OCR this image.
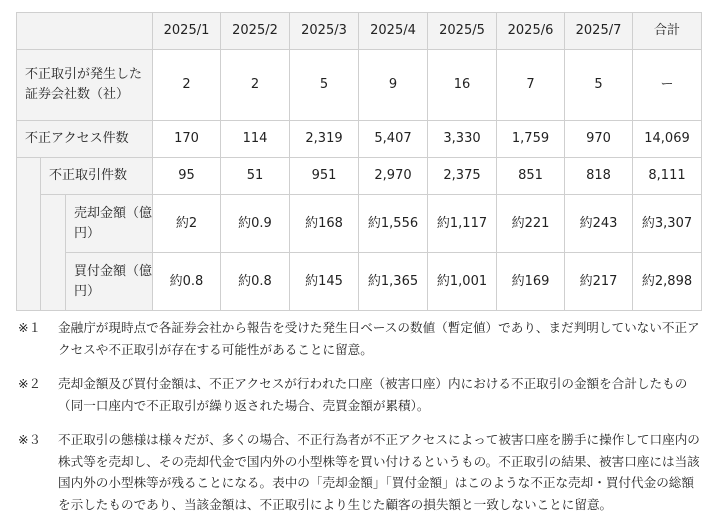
			2025/1	2025/2	2025/3	2025/4	2025/5	2025/6	2025/7	合計

不正取引が発生した証券会社数（社）			2	2	5	9	16	7	5	ー

不正アクセス件数			170	114	2,319	5,407	3,330	1,759	970	14,069

	不正取引件数		95	51	951	2,970	2,375	851	818	8,111

		売却金額（億円）	約2	約0.9	約168	約1,556	約1,117	約221	約243	約3,307

		買付金額（億円）	約0.8	約0.8	約145	約1,365	約1,001	約169	約217	約2,898
※１	金融庁が現時点で各証券会社から報告を受けた発生日ベースの数値（暫定値）であり、まだ判明していない不正アクセスや不正取引が存在する可能性があることに留意。
※２	売却金額及び買付金額は、不正アクセスが行われた口座（被害口座）内における不正取引の金額を合計したもの（同一口座内で不正取引が繰り返された場合、売買金額が累積）。
※３	不正取引の態様は様々だが、多くの場合、不正行為者が不正アクセスによって被害口座を勝手に操作して口座内の株式等を売却し、その売却代金で国内外の小型株等を買い付けるというもの。不正取引の結果、被害口座には当該国内外の小型株等が残ることになる。表中の「売却金額」「買付金額」はこのような不正な売却・買付代金の総額を示したものであり、当該金額は、不正取引により生じた顧客の損失額と一致しないことに留意。
